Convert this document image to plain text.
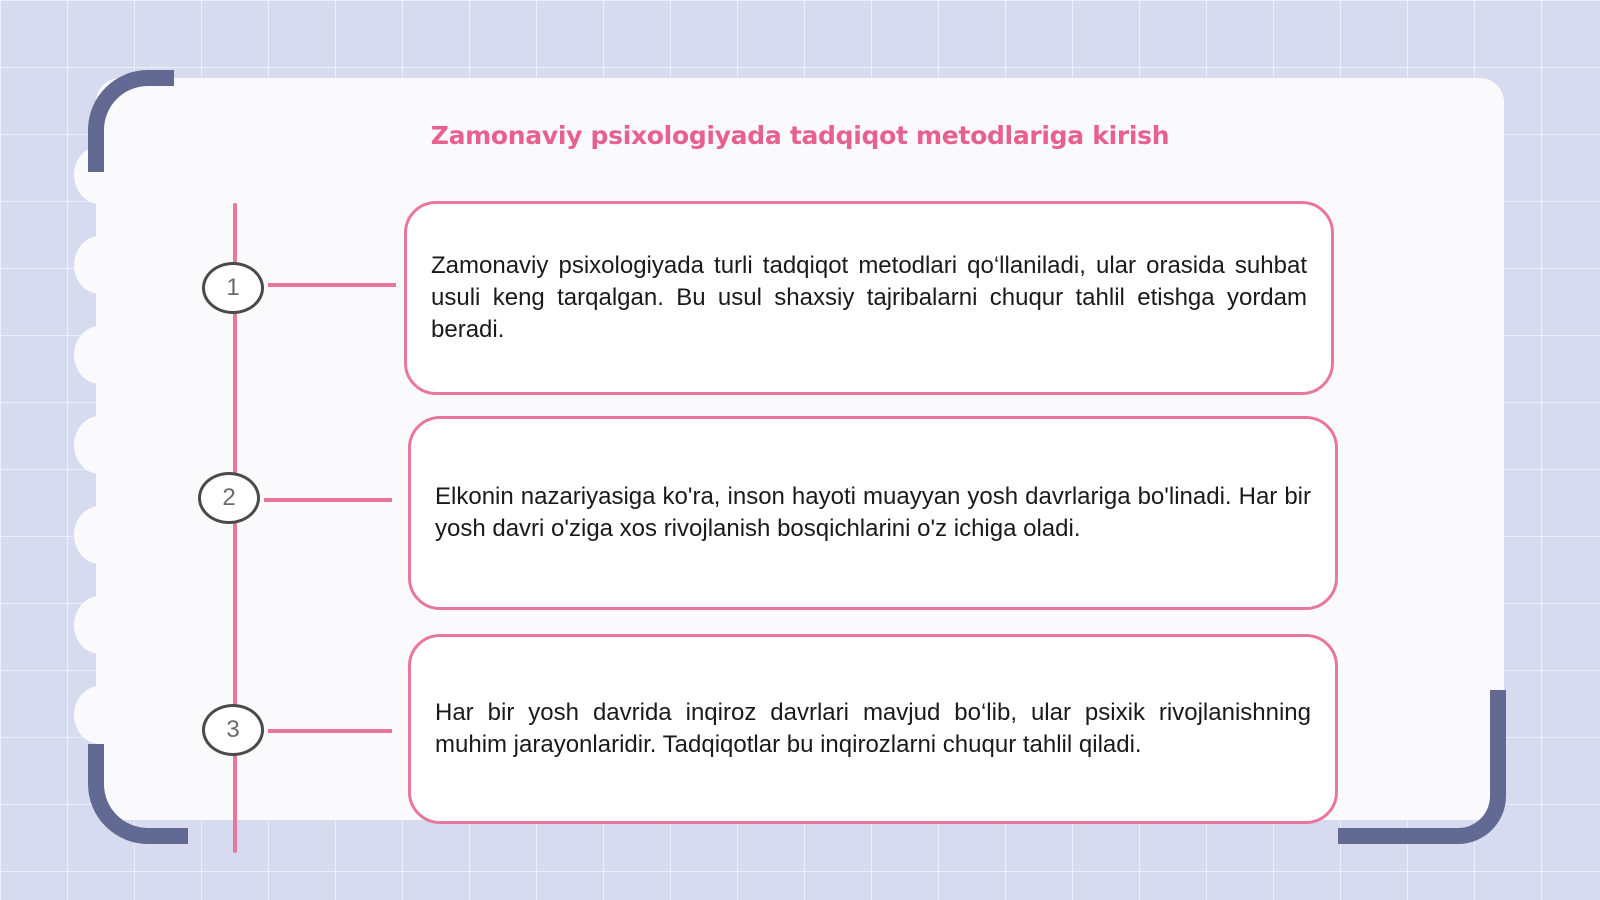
Zamonaviy psixologiyada tadqiqot metodlariga kirish
1
Zamonaviy psixologiyada turli tadqiqot metodlari qo‘llaniladi, ular orasida suhbat usuli keng tarqalgan. Bu usul shaxsiy tajribalarni chuqur tahlil etishga yordam beradi.
2	Elkonin nazariyasiga ko'ra, inson hayoti muayyan yosh davrlariga bo'linadi. Har bir yosh davri o'ziga xos rivojlanish bosqichlarini o'z ichiga oladi.
3
Har bir yosh davrida inqiroz davrlari mavjud bo‘lib, ular psixik rivojlanishning muhim jarayonlaridir. Tadqiqotlar bu inqirozlarni chuqur tahlil qiladi.
